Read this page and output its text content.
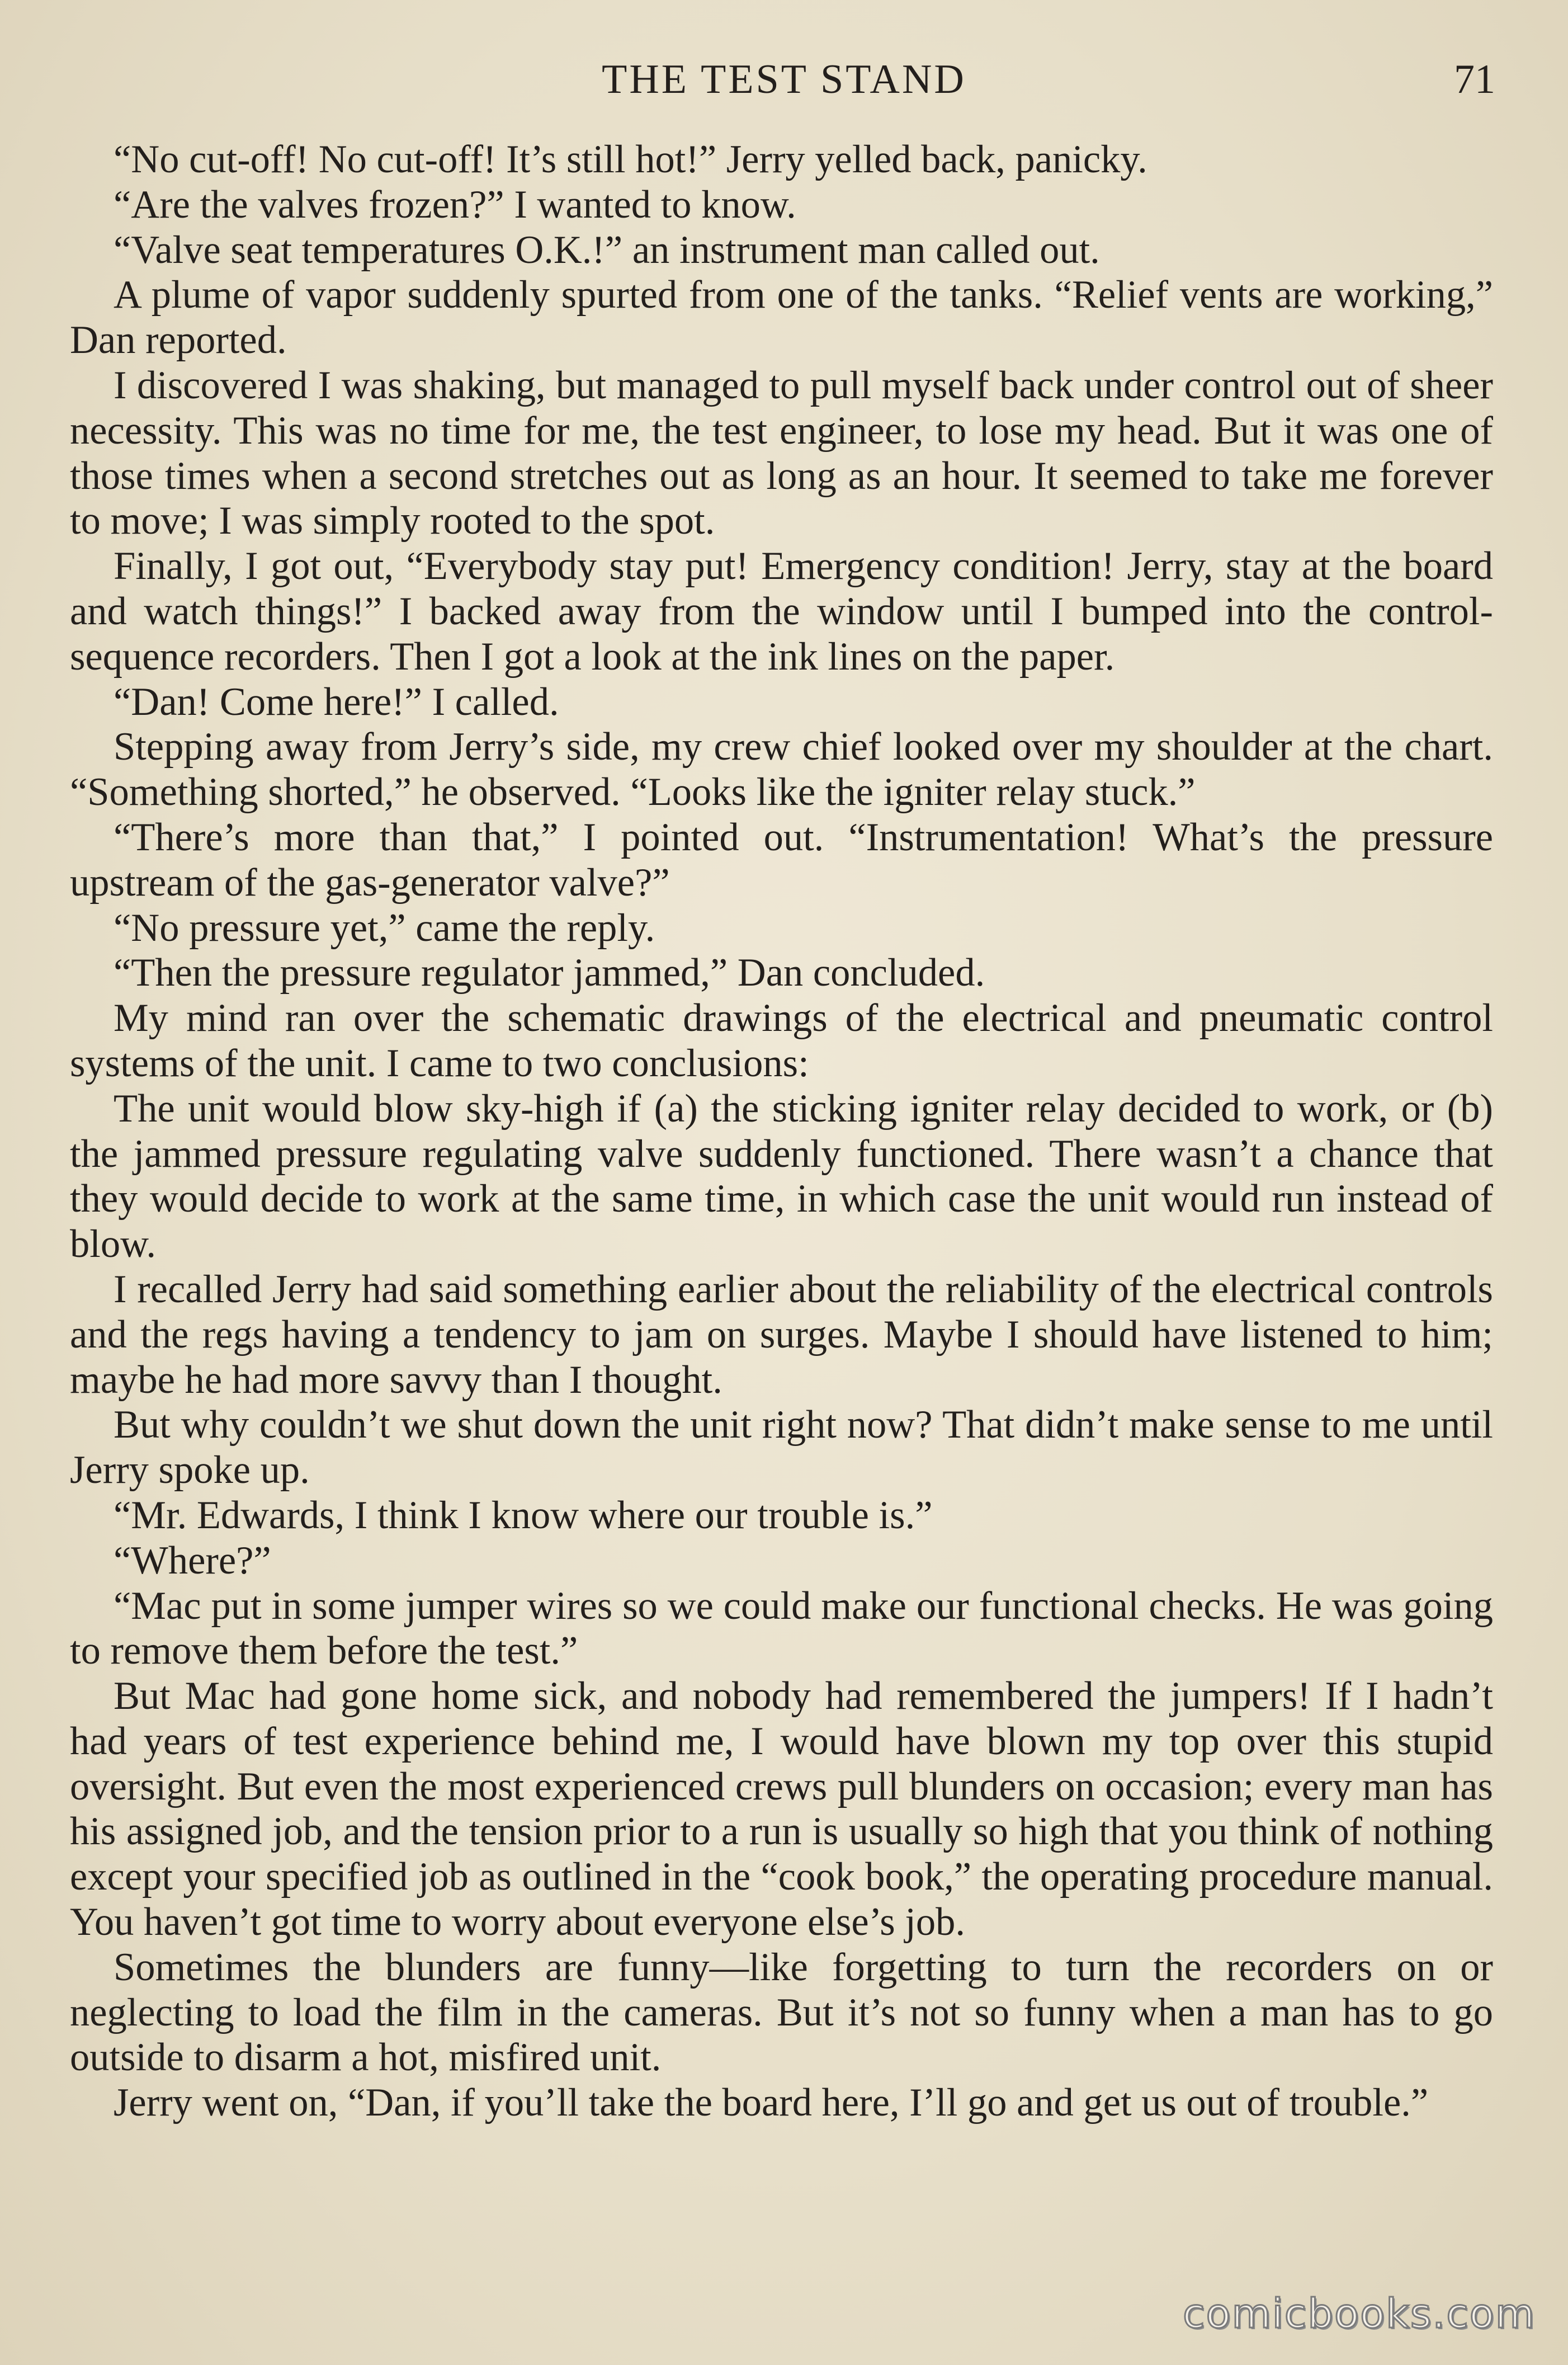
THE TEST STAND	71

“No cut-off! No cut-off! It’s still hot!” Jerry yelled back, panicky.

“Are the valves frozen?” I wanted to know.

“Valve seat temperatures O.K.!” an instrument man called out.

A plume of vapor suddenly spurted from one of the tanks. “Relief vents are working,” Dan reported.

I discovered I was shaking, but managed to pull myself back under control out of sheer necessity. This was no time for me, the test engineer, to lose my head. But it was one of those times when a second stretches out as long as an hour. It seemed to take me forever to move; I was simply rooted to the spot.

Finally, I got out, “Everybody stay put! Emergency condition! Jerry, stay at the board and watch things!” I backed away from the window until I bumped into the control-sequence recorders. Then I got a look at the ink lines on the paper.

“Dan! Come here!” I called.

Stepping away from Jerry’s side, my crew chief looked over my shoulder at the chart. “Something shorted,” he observed. “Looks like the igniter relay stuck.”

“There’s more than that,” I pointed out. “Instrumentation! What’s the pressure upstream of the gas-generator valve?”

“No pressure yet,” came the reply.

“Then the pressure regulator jammed,” Dan concluded.

My mind ran over the schematic drawings of the electrical and pneumatic control systems of the unit. I came to two conclusions:

The unit would blow sky-high if (a) the sticking igniter relay decided to work, or (b) the jammed pressure regulating valve suddenly functioned. There wasn’t a chance that they would decide to work at the same time, in which case the unit would run instead of blow.

I recalled Jerry had said something earlier about the reliability of the electrical controls and the regs having a tendency to jam on surges. Maybe I should have listened to him; maybe he had more savvy than I thought.

But why couldn’t we shut down the unit right now? That didn’t make sense to me until Jerry spoke up.

“Mr. Edwards, I think I know where our trouble is.”

“Where?”

“Mac put in some jumper wires so we could make our functional checks. He was going to remove them before the test.”

But Mac had gone home sick, and nobody had remembered the jumpers! If I hadn’t had years of test experience behind me, I would have blown my top over this stupid oversight. But even the most experienced crews pull blunders on occasion; every man has his assigned job, and the tension prior to a run is usually so high that you think of nothing except your specified job as outlined in the “cook book,” the operating procedure manual. You haven’t got time to worry about everyone else’s job.

Sometimes the blunders are funny—like forgetting to turn the recorders on or neglecting to load the film in the cameras. But it’s not so funny when a man has to go outside to disarm a hot, misfired unit.

Jerry went on, “Dan, if you’ll take the board here, I’ll go and get us out of trouble.”

comicbooks.com
